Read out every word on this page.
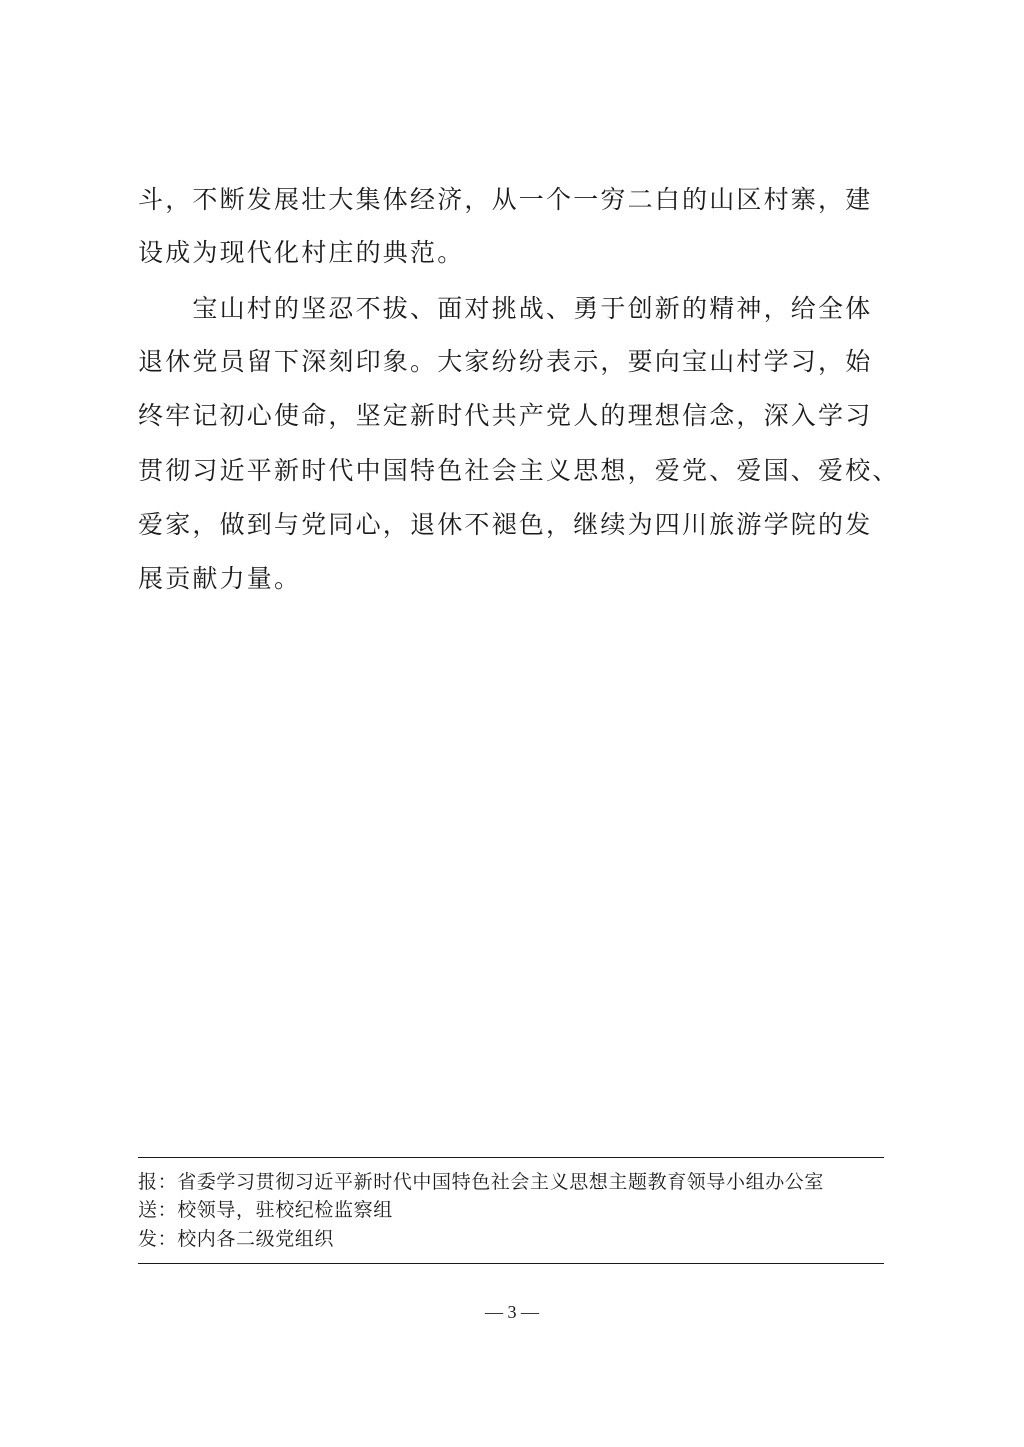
斗，不断发展壮大集体经济，从一个一穷二白的山区村寨，建

设成为现代化村庄的典范。

　　宝山村的坚忍不拔、面对挑战、勇于创新的精神，给全体

退休党员留下深刻印象。大家纷纷表示，要向宝山村学习，始

终牢记初心使命，坚定新时代共产党人的理想信念，深入学习

贯彻习近平新时代中国特色社会主义思想，爱党、爱国、爱校、

爱家，做到与党同心，退休不褪色，继续为四川旅游学院的发

展贡献力量。

报：省委学习贯彻习近平新时代中国特色社会主义思想主题教育领导小组办公室

送：校领导，驻校纪检监察组

发：校内各二级党组织

— 3 —
